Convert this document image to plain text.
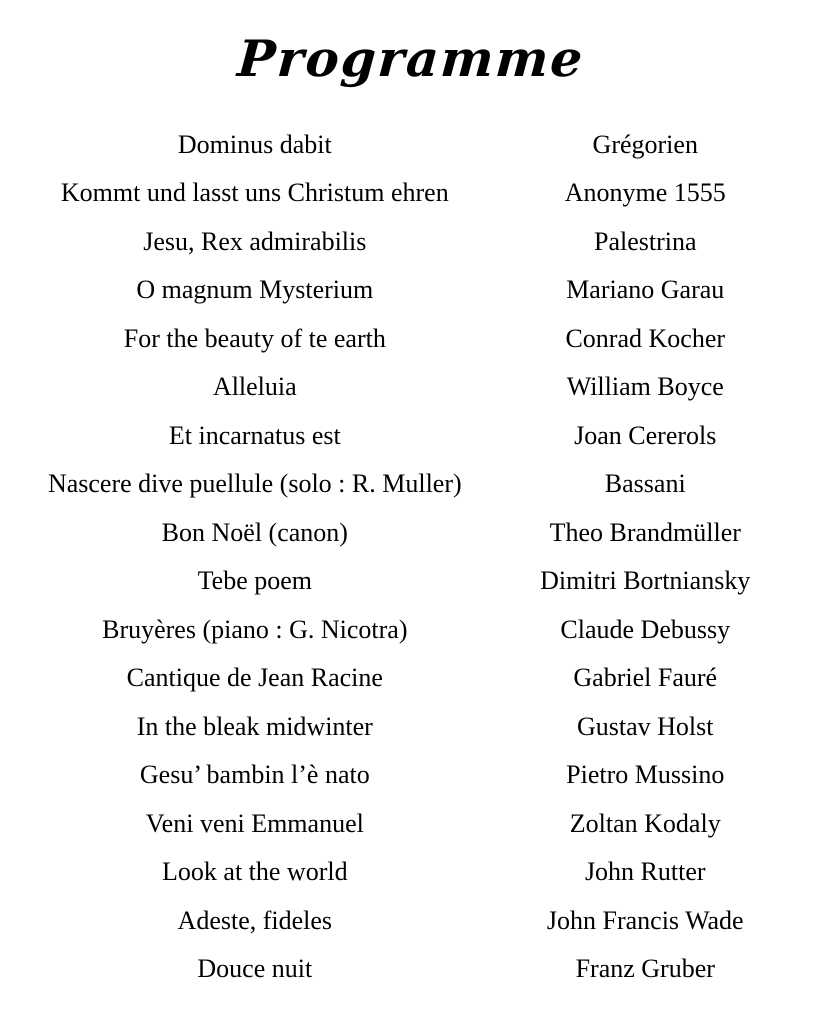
Programme
Dominus dabit	Grégorien
Kommt und lasst uns Christum ehren	Anonyme 1555
Jesu, Rex admirabilis	Palestrina
O magnum Mysterium	Mariano Garau
For the beauty of te earth	Conrad Kocher
Alleluia	William Boyce
Et incarnatus est	Joan Cererols
Nascere dive puellule (solo : R. Muller)	Bassani
Bon Noël (canon)	Theo Brandmüller
Tebe poem	Dimitri Bortniansky
Bruyères (piano : G. Nicotra)	Claude Debussy
Cantique de Jean Racine	Gabriel Fauré
In the bleak midwinter	Gustav Holst
Gesu’ bambin l’è nato	Pietro Mussino
Veni veni Emmanuel	Zoltan Kodaly
Look at the world	John Rutter
Adeste, fideles	John Francis Wade
Douce nuit	Franz Gruber
